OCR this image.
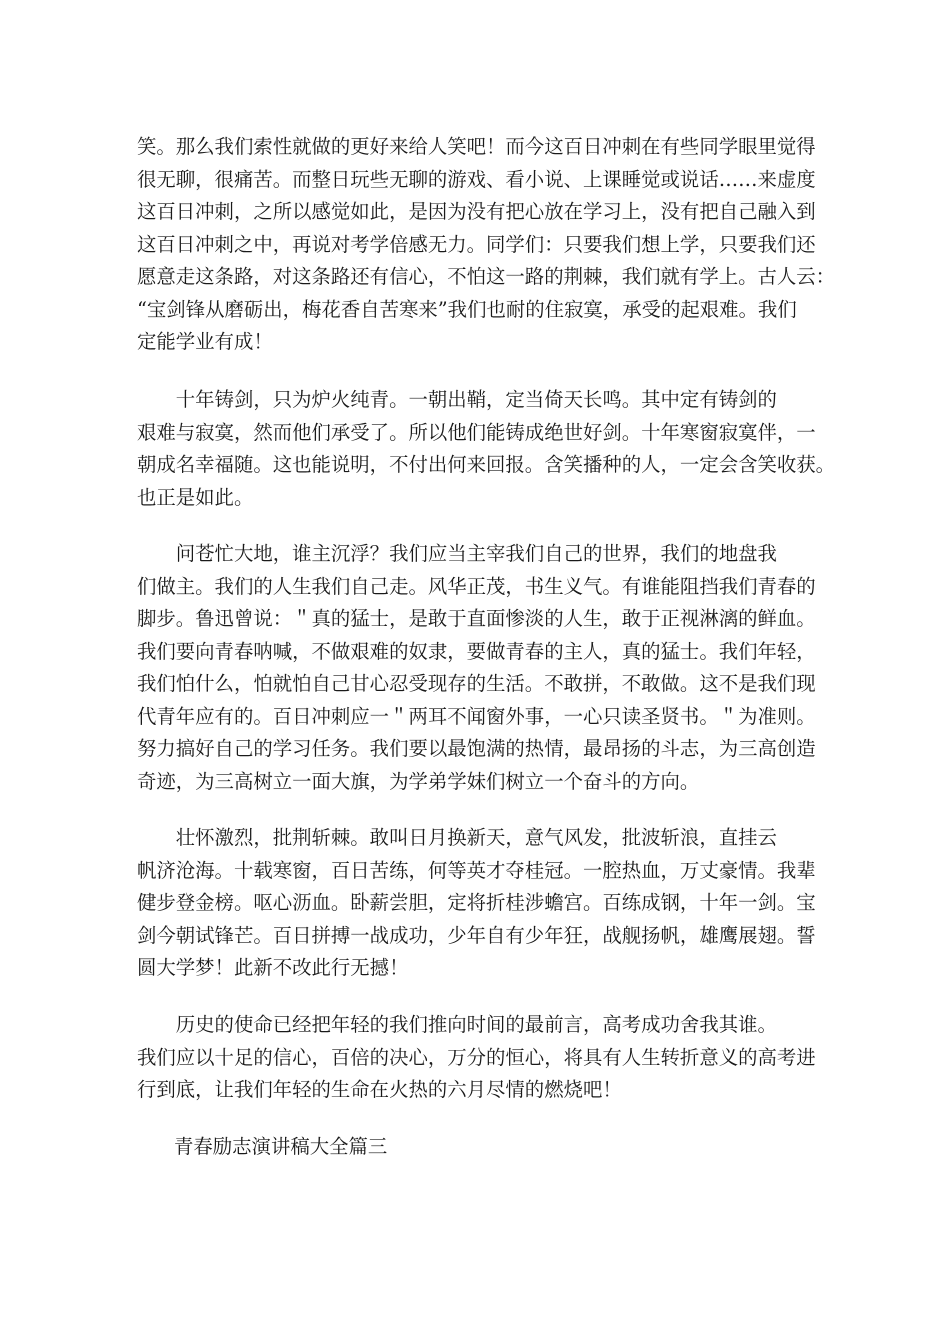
笑。那么我们索性就做的更好来给人笑吧！而今这百日冲刺在有些同学眼里觉得
很无聊，很痛苦。而整日玩些无聊的游戏、看小说、上课睡觉或说话……来虚度
这百日冲刺，之所以感觉如此，是因为没有把心放在学习上，没有把自己融入到
这百日冲刺之中，再说对考学倍感无力。同学们：只要我们想上学，只要我们还
愿意走这条路，对这条路还有信心，不怕这一路的荆棘，我们就有学上。古人云：
“宝剑锋从磨砺出，梅花香自苦寒来”我们也耐的住寂寞，承受的起艰难。我们
定能学业有成！
　　十年铸剑，只为炉火纯青。一朝出鞘，定当倚天长鸣。其中定有铸剑的
艰难与寂寞，然而他们承受了。所以他们能铸成绝世好剑。十年寒窗寂寞伴，一
朝成名幸福随。这也能说明，不付出何来回报。含笑播种的人，一定会含笑收获。
也正是如此。
　　问苍忙大地，谁主沉浮？我们应当主宰我们自己的世界，我们的地盘我
们做主。我们的人生我们自己走。风华正茂，书生义气。有谁能阻挡我们青春的
脚步。鲁迅曾说：＂真的猛士，是敢于直面惨淡的人生，敢于正视淋漓的鲜血。
我们要向青春呐喊，不做艰难的奴隶，要做青春的主人，真的猛士。我们年轻，
我们怕什么，怕就怕自己甘心忍受现存的生活。不敢拼，不敢做。这不是我们现
代青年应有的。百日冲刺应一＂两耳不闻窗外事，一心只读圣贤书。＂为准则。
努力搞好自己的学习任务。我们要以最饱满的热情，最昂扬的斗志，为三高创造
奇迹，为三高树立一面大旗，为学弟学妹们树立一个奋斗的方向。
　　壮怀激烈，批荆斩棘。敢叫日月换新天，意气风发，批波斩浪，直挂云
帆济沧海。十载寒窗，百日苦练，何等英才夺桂冠。一腔热血，万丈豪情。我辈
健步登金榜。呕心沥血。卧薪尝胆，定将折桂涉蟾宫。百练成钢，十年一剑。宝
剑今朝试锋芒。百日拼搏一战成功，少年自有少年狂，战舰扬帆，雄鹰展翅。誓
圆大学梦！此新不改此行无撼！
　　历史的使命已经把年轻的我们推向时间的最前言，高考成功舍我其谁。
我们应以十足的信心，百倍的决心，万分的恒心，将具有人生转折意义的高考进
行到底，让我们年轻的生命在火热的六月尽情的燃烧吧！
青春励志演讲稿大全篇三
